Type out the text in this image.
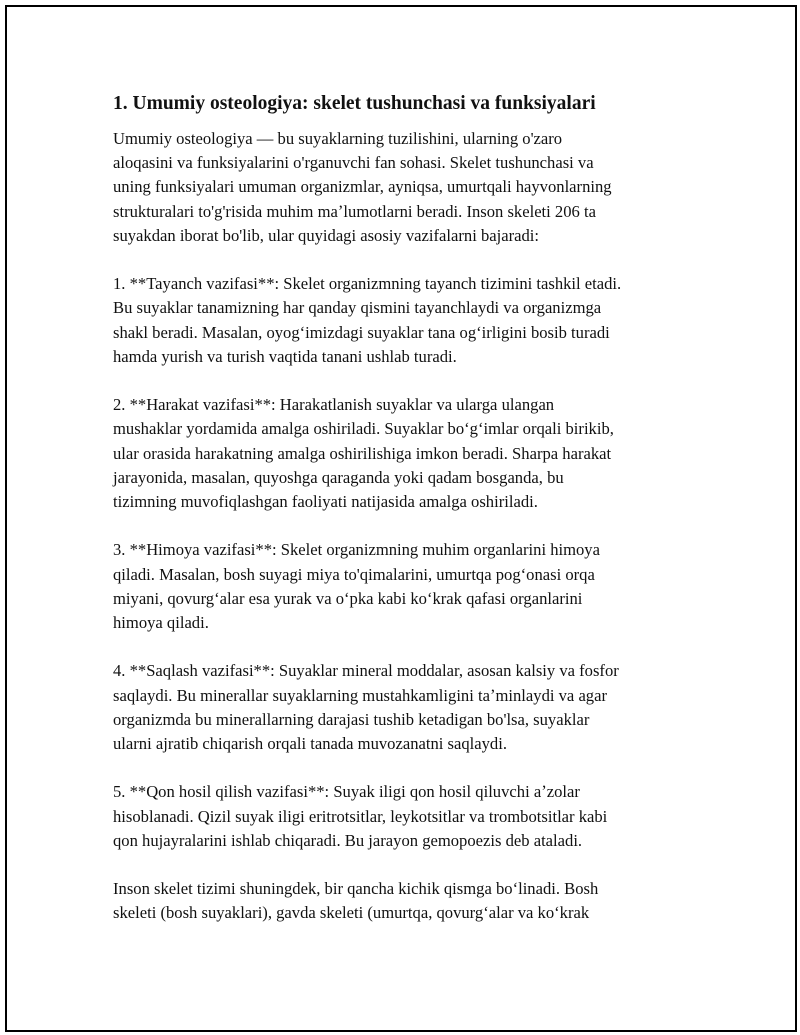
1. Umumiy osteologiya: skelet tushunchasi va funksiyalari
Umumiy osteologiya — bu suyaklarning tuzilishini, ularning o'zaro
aloqasini va funksiyalarini o'rganuvchi fan sohasi. Skelet tushunchasi va
uning funksiyalari umuman organizmlar, ayniqsa, umurtqali hayvonlarning
strukturalari to'g'risida muhim maʼlumotlarni beradi. Inson skeleti 206 ta
suyakdan iborat bo'lib, ular quyidagi asosiy vazifalarni bajaradi:
1. **Tayanch vazifasi**: Skelet organizmning tayanch tizimini tashkil etadi.
Bu suyaklar tanamizning har qanday qismini tayanchlaydi va organizmga
shakl beradi. Masalan, oyogʻimizdagi suyaklar tana ogʻirligini bosib turadi
hamda yurish va turish vaqtida tanani ushlab turadi.
2. **Harakat vazifasi**: Harakatlanish suyaklar va ularga ulangan
mushaklar yordamida amalga oshiriladi. Suyaklar boʻgʻimlar orqali birikib,
ular orasida harakatning amalga oshirilishiga imkon beradi. Sharpa harakat
jarayonida, masalan, quyoshga qaraganda yoki qadam bosganda, bu
tizimning muvofiqlashgan faoliyati natijasida amalga oshiriladi.
3. **Himoya vazifasi**: Skelet organizmning muhim organlarini himoya
qiladi. Masalan, bosh suyagi miya to'qimalarini, umurtqa pogʻonasi orqa
miyani, qovurgʻalar esa yurak va oʻpka kabi koʻkrak qafasi organlarini
himoya qiladi.
4. **Saqlash vazifasi**: Suyaklar mineral moddalar, asosan kalsiy va fosfor
saqlaydi. Bu minerallar suyaklarning mustahkamligini taʼminlaydi va agar
organizmda bu minerallarning darajasi tushib ketadigan bo'lsa, suyaklar
ularni ajratib chiqarish orqali tanada muvozanatni saqlaydi.
5. **Qon hosil qilish vazifasi**: Suyak iligi qon hosil qiluvchi aʼzolar
hisoblanadi. Qizil suyak iligi eritrotsitlar, leykotsitlar va trombotsitlar kabi
qon hujayralarini ishlab chiqaradi. Bu jarayon gemopoezis deb ataladi.
Inson skelet tizimi shuningdek, bir qancha kichik qismga boʻlinadi. Bosh
skeleti (bosh suyaklari), gavda skeleti (umurtqa, qovurgʻalar va koʻkrak
